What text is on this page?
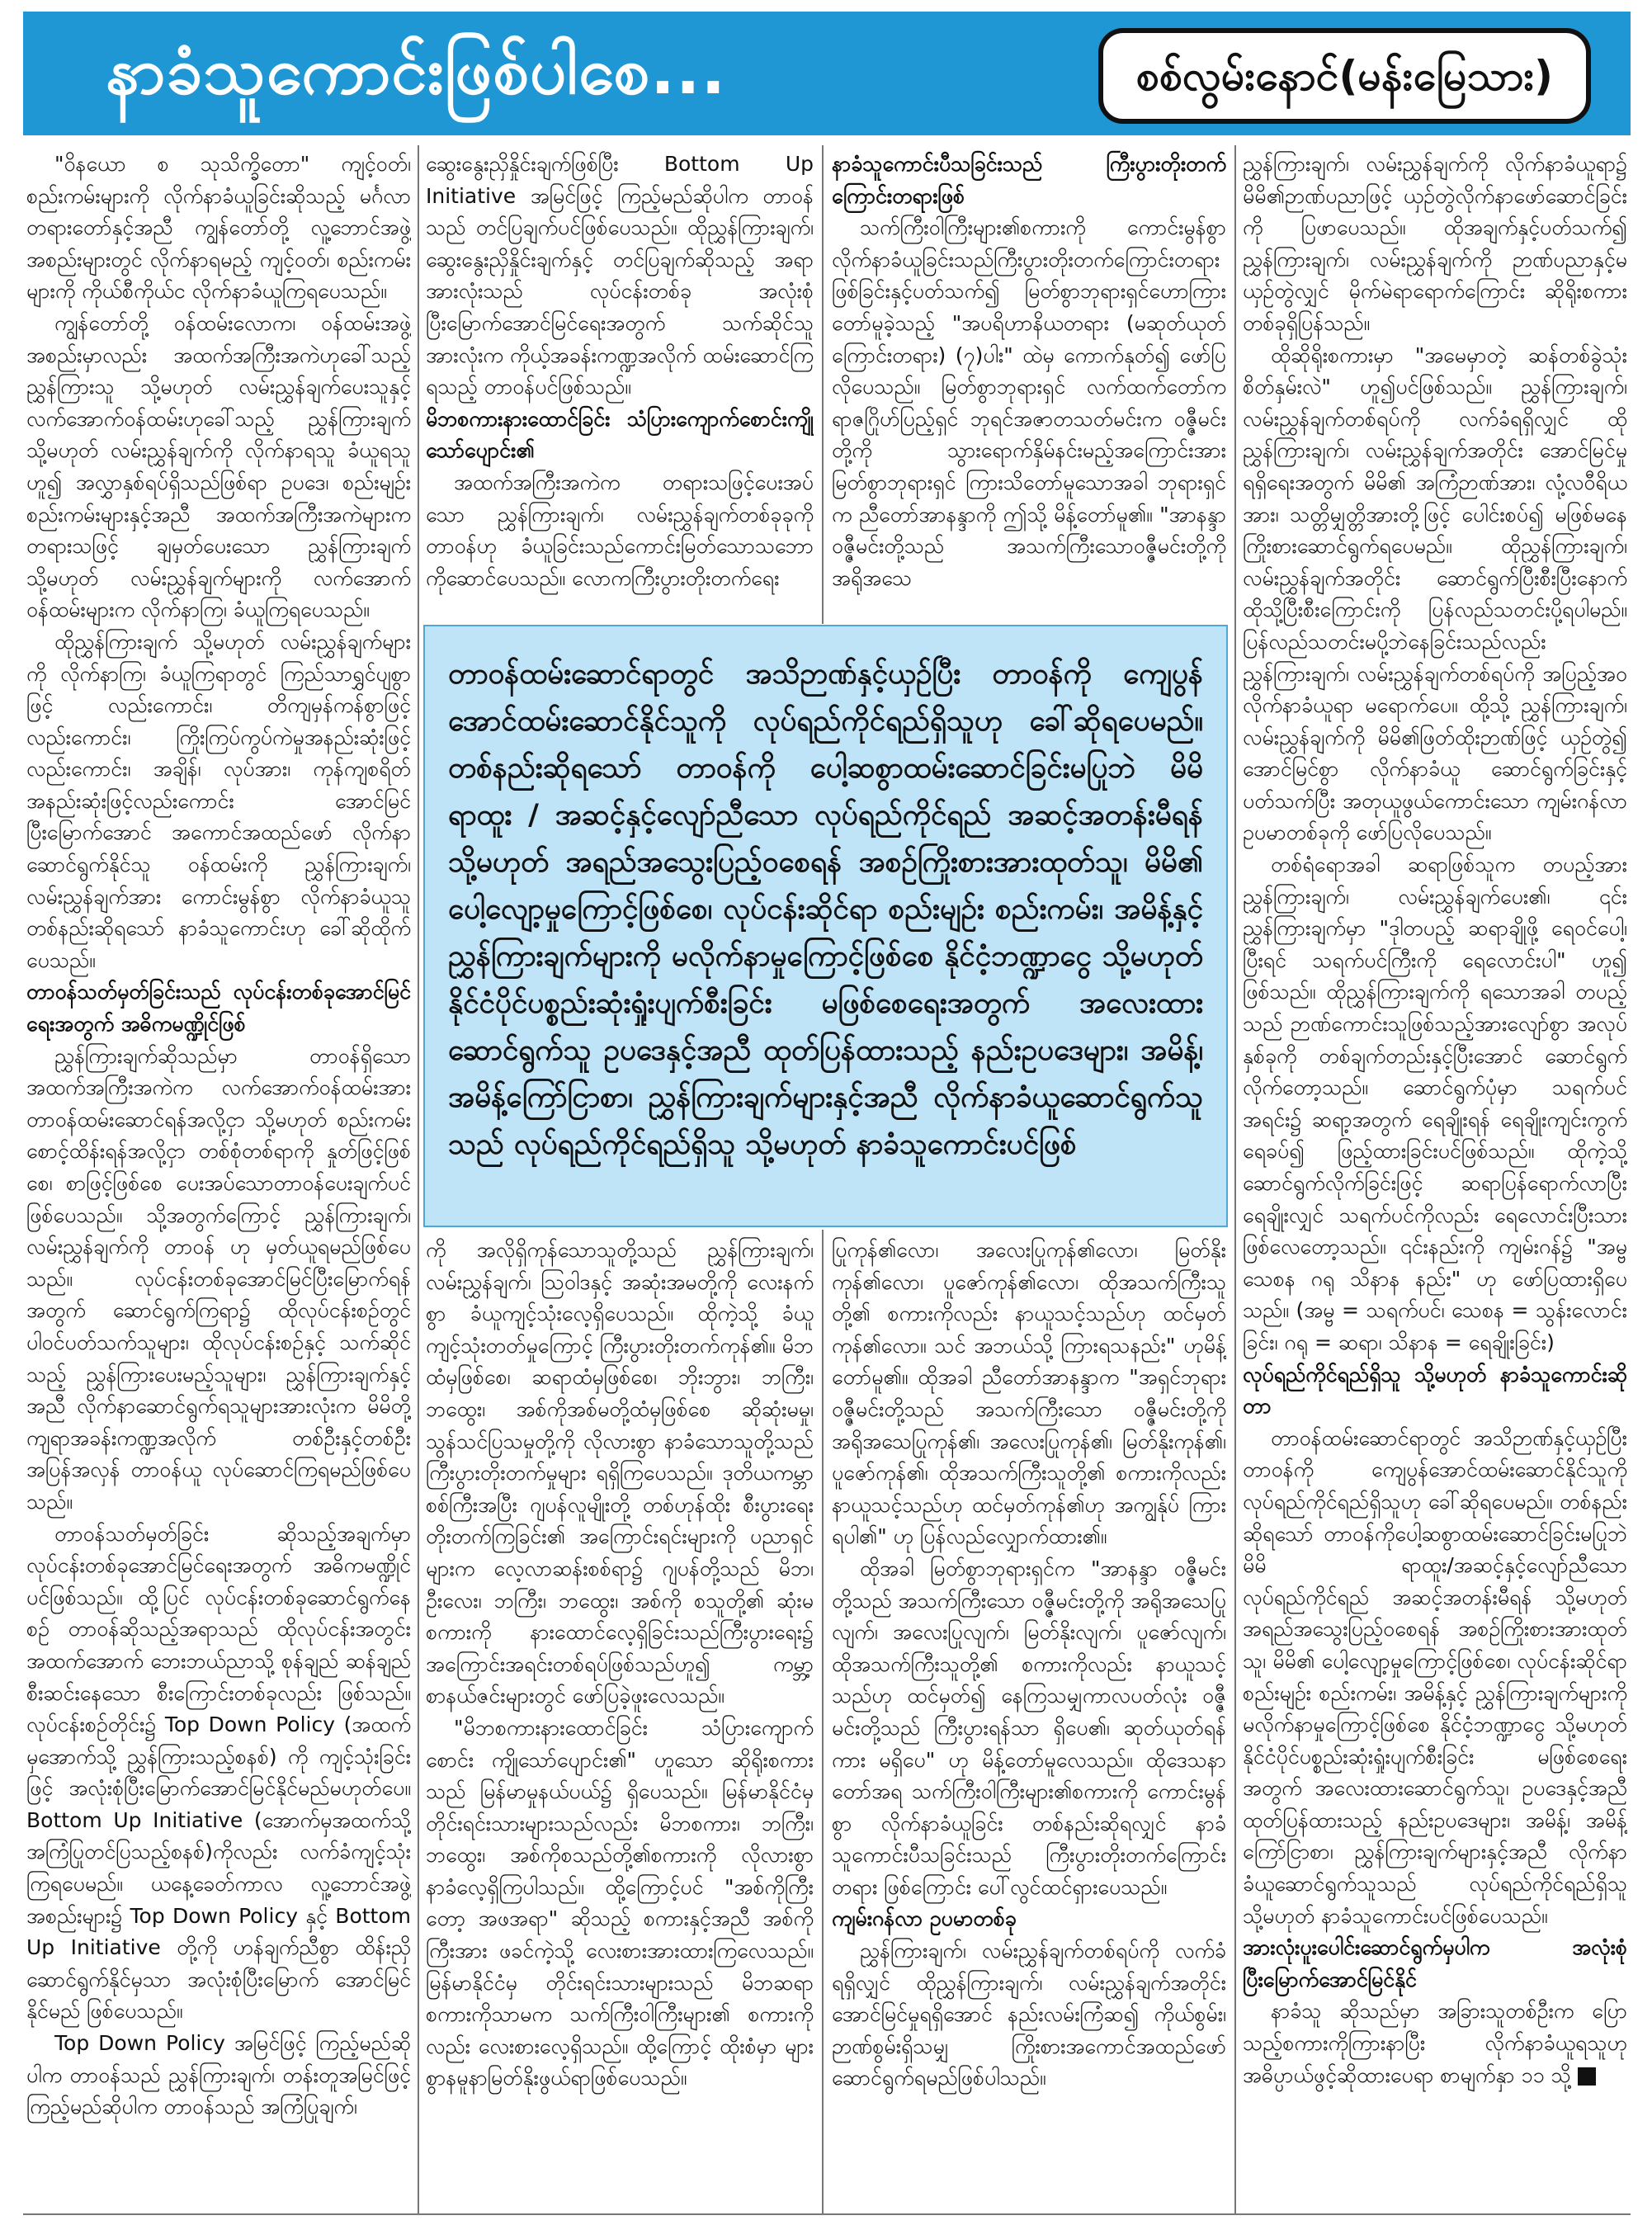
နာခံသူကောင်းဖြစ်ပါစေ...	စစ်လွမ်းနောင်(မန်းမြေသား)

"ဝိနယော စ သုသိက္ခိတော" ကျင့်ဝတ်၊ စည်းကမ်းများကို လိုက်နာခံယူခြင်းဆိုသည့် မင်္ဂလာတရားတော်နှင့်အညီ ကျွန်တော်တို့ လူ့ဘောင်အဖွဲ့အစည်းများတွင် လိုက်နာရမည့် ကျင့်ဝတ်၊ စည်းကမ်းများကို ကိုယ်စီကိုယ်င လိုက်နာခံယူကြရပေသည်။

ကျွန်တော်တို့ ဝန်ထမ်းလောက၊ ဝန်ထမ်းအဖွဲ့အစည်းမှာလည်း အထက်အကြီးအကဲဟုခေါ်သည့် ညွှန်ကြားသူ သို့မဟုတ် လမ်းညွှန်ချက်ပေးသူနှင့် လက်အောက်ဝန်ထမ်းဟုခေါ်သည့် ညွှန်ကြားချက် သို့မဟုတ် လမ်းညွှန်ချက်ကို လိုက်နာရသူ ခံယူရသူဟူ၍ အလွှာနှစ်ရပ်ရှိသည်ဖြစ်ရာ ဥပဒေ၊ စည်းမျဉ်း စည်းကမ်းများနှင့်အညီ အထက်အကြီးအကဲများက တရားသဖြင့် ချမှတ်ပေးသော ညွှန်ကြားချက် သို့မဟုတ် လမ်းညွှန်ချက်များကို လက်အောက်ဝန်ထမ်းများက လိုက်နာကြ၊ ခံယူကြရပေသည်။

ထိုညွှန်ကြားချက် သို့မဟုတ် လမ်းညွှန်ချက်များကို လိုက်နာကြ၊ ခံယူကြရာတွင် ကြည်သာရွှင်ပျစွာဖြင့် လည်းကောင်း၊ တိကျမှန်ကန်စွာဖြင့် လည်းကောင်း၊ ကြိုးကြပ်ကွပ်ကဲမှုအနည်းဆုံးဖြင့် လည်းကောင်း၊ အချိန်၊ လုပ်အား၊ ကုန်ကျစရိတ် အနည်းဆုံးဖြင့်လည်းကောင်း အောင်မြင်ပြီးမြောက်အောင် အကောင်အထည်ဖော် လိုက်နာဆောင်ရွက်နိုင်သူ ဝန်ထမ်းကို ညွှန်ကြားချက်၊ လမ်းညွှန်ချက်အား ကောင်းမွန်စွာ လိုက်နာခံယူသူ တစ်နည်းဆိုရသော် နာခံသူကောင်းဟု ခေါ်ဆိုထိုက်ပေသည်။

တာဝန်သတ်မှတ်ခြင်းသည် လုပ်ငန်းတစ်ခုအောင်မြင်ရေးအတွက် အဓိကမဏ္ဍိုင်ဖြစ်

ညွှန်ကြားချက်ဆိုသည်မှာ တာဝန်ရှိသော အထက်အကြီးအကဲက လက်အောက်ဝန်ထမ်းအား တာဝန်ထမ်းဆောင်ရန်အလို့ငှာ သို့မဟုတ် စည်းကမ်းစောင့်ထိန်းရန်အလို့ငှာ တစ်စုံတစ်ရာကို နှုတ်ဖြင့်ဖြစ်စေ၊ စာဖြင့်ဖြစ်စေ ပေးအပ်သောတာဝန်ပေးချက်ပင်ဖြစ်ပေသည်။ သို့အတွက်ကြောင့် ညွှန်ကြားချက်၊ လမ်းညွှန်ချက်ကို တာဝန် ဟု မှတ်ယူရမည်ဖြစ်ပေသည်။ လုပ်ငန်းတစ်ခုအောင်မြင်ပြီးမြောက်ရန်အတွက် ဆောင်ရွက်ကြရာ၌ ထိုလုပ်ငန်းစဉ်တွင် ပါဝင်ပတ်သက်သူများ၊ ထိုလုပ်ငန်းစဉ်နှင့် သက်ဆိုင်သည့် ညွှန်ကြားပေးမည့်သူများ၊ ညွှန်ကြားချက်နှင့်အညီ လိုက်နာဆောင်ရွက်ရသူများအားလုံးက မိမိတို့ကျရာအခန်းကဏ္ဍအလိုက် တစ်ဦးနှင့်တစ်ဦး အပြန်အလှန် တာဝန်ယူ လုပ်ဆောင်ကြရမည်ဖြစ်ပေသည်။

တာဝန်သတ်မှတ်ခြင်း ဆိုသည့်အချက်မှာ လုပ်ငန်းတစ်ခုအောင်မြင်ရေးအတွက် အဓိကမဏ္ဍိုင်ပင်ဖြစ်သည်။ ထို့ပြင် လုပ်ငန်းတစ်ခုဆောင်ရွက်နေစဉ် တာဝန်ဆိုသည့်အရာသည် ထိုလုပ်ငန်းအတွင်း အထက်အောက် ဘေးဘယ်ညာသို့ စုန်ချည် ဆန်ချည် စီးဆင်းနေသော စီးကြောင်းတစ်ခုလည်း ဖြစ်သည်။ လုပ်ငန်းစဉ်တိုင်း၌ Top Down Policy (အထက်မှအောက်သို့ ညွှန်ကြားသည့်စနစ်) ကို ကျင့်သုံးခြင်းဖြင့် အလုံးစုံပြီးမြောက်အောင်မြင်နိုင်မည်မဟုတ်ပေ။ Bottom Up Initiative (အောက်မှအထက်သို့ အကြံပြုတင်ပြသည့်စနစ်)ကိုလည်း လက်ခံကျင့်သုံးကြရပေမည်။ ယနေ့ခေတ်ကာလ လူ့ဘောင်အဖွဲ့အစည်းများ၌ Top Down Policy နှင့် Bottom Up Initiative တို့ကို ဟန်ချက်ညီစွာ ထိန်းညှိဆောင်ရွက်နိုင်မှသာ အလုံးစုံပြီးမြောက် အောင်မြင်နိုင်မည် ဖြစ်ပေသည်။

Top Down Policy အမြင်ဖြင့် ကြည့်မည်ဆိုပါက တာဝန်သည် ညွှန်ကြားချက်၊ တန်းတူအမြင်ဖြင့် ကြည့်မည်ဆိုပါက တာဝန်သည် အကြံပြုချက်၊

ဆွေးနွေးညှိနှိုင်းချက်ဖြစ်ပြီး Bottom Up Initiative အမြင်ဖြင့် ကြည့်မည်ဆိုပါက တာဝန်သည် တင်ပြချက်ပင်ဖြစ်ပေသည်။ ထိုညွှန်ကြားချက်၊ ဆွေးနွေးညှိနှိုင်းချက်နှင့် တင်ပြချက်ဆိုသည့် အရာအားလုံးသည် လုပ်ငန်းတစ်ခု အလုံးစုံပြီးမြောက်အောင်မြင်ရေးအတွက် သက်ဆိုင်သူအားလုံးက ကိုယ့်အခန်းကဏ္ဍအလိုက် ထမ်းဆောင်ကြရသည့် တာဝန်ပင်ဖြစ်သည်။

မိဘစကားနားထောင်ခြင်း သံပြားကျောက်စောင်းကျိုသော်ပျောင်း၏

အထက်အကြီးအကဲက တရားသဖြင့်ပေးအပ်သော ညွှန်ကြားချက်၊ လမ်းညွှန်ချက်တစ်ခုခုကို တာဝန်ဟု ခံယူခြင်းသည်ကောင်းမြတ်သောသဘောကိုဆောင်ပေသည်။ လောကကြီးပွားတိုးတက်ရေး

နာခံသူကောင်းပီသခြင်းသည် ကြီးပွားတိုးတက်ကြောင်းတရားဖြစ်

သက်ကြီးဝါကြီးများ၏စကားကို ကောင်းမွန်စွာလိုက်နာခံယူခြင်းသည်ကြီးပွားတိုးတက်ကြောင်းတရားဖြစ်ခြင်းနှင့်ပတ်သက်၍ မြတ်စွာဘုရားရှင်ဟောကြားတော်မူခဲ့သည့် "အပရိဟာနိယတရား (မဆုတ်ယုတ်ကြောင်းတရား) (၇)ပါး" ထဲမှ ကောက်နုတ်၍ ဖော်ပြလိုပေသည်။ မြတ်စွာဘုရားရှင် လက်ထက်တော်က ရာဇဂြိုဟ်ပြည့်ရှင် ဘုရင်အဇာတသတ်မင်းက ဝဇ္ဇီမင်းတို့ကို သွားရောက်နှိမ်နင်းမည့်အကြောင်းအား မြတ်စွာဘုရားရှင် ကြားသိတော်မူသောအခါ ဘုရားရှင်က ညီတော်အာနန္ဒာကို ဤသို့ မိန့်တော်မူ၏။ "အာနန္ဒာ ဝဇ္ဇီမင်းတို့သည် အသက်ကြီးသောဝဇ္ဇီမင်းတို့ကို အရိုအသေ

တာဝန်ထမ်းဆောင်ရာတွင် အသိဉာဏ်နှင့်ယှဉ်ပြီး တာဝန်ကို ကျေပွန်အောင်ထမ်းဆောင်နိုင်သူကို လုပ်ရည်ကိုင်ရည်ရှိသူဟု ခေါ်ဆိုရပေမည်။ တစ်နည်းဆိုရသော် တာဝန်ကို ပေါ့ဆစွာထမ်းဆောင်ခြင်းမပြုဘဲ မိမိ ရာထူး / အဆင့်နှင့်လျော်ညီသော လုပ်ရည်ကိုင်ရည် အဆင့်အတန်းမီရန် သို့မဟုတ် အရည်အသွေးပြည့်ဝစေရန် အစဉ်ကြိုးစားအားထုတ်သူ၊ မိမိ၏ ပေါ့လျော့မှုကြောင့်ဖြစ်စေ၊ လုပ်ငန်းဆိုင်ရာ စည်းမျဉ်း စည်းကမ်း၊ အမိန့်နှင့် ညွှန်ကြားချက်များကို မလိုက်နာမှုကြောင့်ဖြစ်စေ နိုင်ငံ့ဘဏ္ဍာငွေ သို့မဟုတ် နိုင်ငံပိုင်ပစ္စည်းဆုံးရှုံးပျက်စီးခြင်း မဖြစ်စေရေးအတွက် အလေးထားဆောင်ရွက်သူ ဥပဒေနှင့်အညီ ထုတ်ပြန်ထားသည့် နည်းဥပဒေများ၊ အမိန့်၊ အမိန့်ကြော်ငြာစာ၊ ညွှန်ကြားချက်များနှင့်အညီ လိုက်နာခံယူဆောင်ရွက်သူသည် လုပ်ရည်ကိုင်ရည်ရှိသူ သို့မဟုတ် နာခံသူကောင်းပင်ဖြစ်

ကို အလိုရှိကုန်သောသူတို့သည် ညွှန်ကြားချက်၊ လမ်းညွှန်ချက်၊ ဩဝါဒနှင့် အဆုံးအမတို့ကို လေးနက်စွာ ခံယူကျင့်သုံးလေ့ရှိပေသည်။ ထိုကဲ့သို့ ခံယူကျင့်သုံးတတ်မှုကြောင့် ကြီးပွားတိုးတက်ကုန်၏။ မိဘထံမှဖြစ်စေ၊ ဆရာထံမှဖြစ်စေ၊ ဘိုးဘွား၊ ဘကြီး၊ ဘထွေး၊ အစ်ကိုအစ်မတို့ထံမှဖြစ်စေ ဆိုဆုံးမမှု၊ သွန်သင်ပြသမှုတို့ကို လိုလားစွာ နာခံသောသူတို့သည်ကြီးပွားတိုးတက်မှုများ ရရှိကြပေသည်။ ဒုတိယကမ္ဘာစစ်ကြီးအပြီး ဂျပန်လူမျိုးတို့ တစ်ဟုန်ထိုး စီးပွားရေးတိုးတက်ကြခြင်း၏ အကြောင်းရင်းများကို ပညာရှင်များက လေ့လာဆန်းစစ်ရာ၌ ဂျပန်တို့သည် မိဘ၊ ဦးလေး၊ ဘကြီး၊ ဘထွေး၊ အစ်ကို စသူတို့၏ ဆုံးမစကားကို နားထောင်လေ့ရှိခြင်းသည်ကြီးပွားရေး၌ အကြောင်းအရင်းတစ်ရပ်ဖြစ်သည်ဟူ၍ ကမ္ဘာ့စာနယ်ဇင်းများတွင် ဖော်ပြခဲ့ဖူးလေသည်။

"မိဘစကားနားထောင်ခြင်း သံပြားကျောက်စောင်း ကျိုသော်ပျောင်း၏" ဟူသော ဆိုရိုးစကားသည် မြန်မာမှုနယ်ပယ်၌ ရှိပေသည်။ မြန်မာနိုင်ငံမှ တိုင်းရင်းသားများသည်လည်း မိဘစကား၊ ဘကြီး၊ ဘထွေး၊ အစ်ကိုစသည်တို့၏စကားကို လိုလားစွာ နာခံလေ့ရှိကြပါသည်။ ထို့ကြောင့်ပင် "အစ်ကိုကြီးတော့ အဖအရာ" ဆိုသည့် စကားနှင့်အညီ အစ်ကိုကြီးအား ဖခင်ကဲ့သို့ လေးစားအားထားကြလေသည်။ မြန်မာနိုင်ငံမှ တိုင်းရင်းသားများသည် မိဘဆရာစကားကိုသာမက သက်ကြီးဝါကြီးများ၏ စကားကိုလည်း လေးစားလေ့ရှိသည်။ ထို့ကြောင့် ထိုးစံမှာ များစွာနမူနာမြတ်နိုးဖွယ်ရာဖြစ်ပေသည်။

ပြုကုန်၏လော၊ အလေးပြုကုန်၏လော၊ မြတ်နိုးကုန်၏လော၊ ပူဇော်ကုန်၏လော၊ ထိုအသက်ကြီးသူတို့၏ စကားကိုလည်း နာယူသင့်သည်ဟု ထင်မှတ်ကုန်၏လော။ သင် အဘယ်သို့ ကြားရသနည်း" ဟုမိန့်တော်မူ၏။ ထိုအခါ ညီတော်အာနန္ဒာက "အရှင်ဘုရား ဝဇ္ဇီမင်းတို့သည် အသက်ကြီးသော ဝဇ္ဇီမင်းတို့ကို အရိုအသေပြုကုန်၏၊ အလေးပြုကုန်၏၊ မြတ်နိုးကုန်၏၊ ပူဇော်ကုန်၏၊ ထိုအသက်ကြီးသူတို့၏ စကားကိုလည်း နာယူသင့်သည်ဟု ထင်မှတ်ကုန်၏ဟု အကျွန်ုပ် ကြားရပါ၏" ဟု ပြန်လည်လျှောက်ထား၏။

ထိုအခါ မြတ်စွာဘုရားရှင်က "အာနန္ဒာ ဝဇ္ဇီမင်းတို့သည် အသက်ကြီးသော ဝဇ္ဇီမင်းတို့ကို အရိုအသေပြုလျက်၊ အလေးပြုလျက်၊ မြတ်နိုးလျက်၊ ပူဇော်လျက်၊ ထိုအသက်ကြီးသူတို့၏ စကားကိုလည်း နာယူသင့်သည်ဟု ထင်မှတ်၍ နေကြသမျှကာလပတ်လုံး ဝဇ္ဇီမင်းတို့သည် ကြီးပွားရန်သာ ရှိပေ၏၊ ဆုတ်ယုတ်ရန်ကား မရှိပေ" ဟု မိန့်တော်မူလေသည်။ ထိုဒေသနာတော်အရ သက်ကြီးဝါကြီးများ၏စကားကို ကောင်းမွန်စွာ လိုက်နာခံယူခြင်း တစ်နည်းဆိုရလျှင် နာခံသူကောင်းပီသခြင်းသည် ကြီးပွားတိုးတက်ကြောင်းတရား ဖြစ်ကြောင်း ပေါ်လွင်ထင်ရှားပေသည်။

ကျမ်းဂန်လာ ဥပမာတစ်ခု

ညွှန်ကြားချက်၊ လမ်းညွှန်ချက်တစ်ရပ်ကို လက်ခံရရှိလျှင် ထိုညွှန်ကြားချက်၊ လမ်းညွှန်ချက်အတိုင်း အောင်မြင်မှုရရှိအောင် နည်းလမ်းကြံဆ၍ ကိုယ်စွမ်း၊ ဉာဏ်စွမ်းရှိသမျှ ကြိုးစားအကောင်အထည်ဖော် ဆောင်ရွက်ရမည်ဖြစ်ပါသည်။

ညွှန်ကြားချက်၊ လမ်းညွှန်ချက်ကို လိုက်နာခံယူရာ၌ မိမိ၏ဉာဏ်ပညာဖြင့် ယှဉ်တွဲလိုက်နာဖော်ဆောင်ခြင်းကို ပြဖာပေသည်။ ထိုအချက်နှင့်ပတ်သက်၍ ညွှန်ကြားချက်၊ လမ်းညွှန်ချက်ကို ဉာဏ်ပညာနှင့်မယှဉ်တွဲလျှင် မိုက်မဲရာရောက်ကြောင်း ဆိုရိုးစကားတစ်ခုရှိပြန်သည်။

ထိုဆိုရိုးစကားမှာ "အမေမှာတဲ့ ဆန်တစ်ခွဲသုံးစိတ်နှမ်းလဲ" ဟူ၍ပင်ဖြစ်သည်။ ညွှန်ကြားချက်၊ လမ်းညွှန်ချက်တစ်ရပ်ကို လက်ခံရရှိလျှင် ထိုညွှန်ကြားချက်၊ လမ်းညွှန်ချက်အတိုင်း အောင်မြင်မှုရရှိရေးအတွက် မိမိ၏ အကြံဉာဏ်အား၊ လုံ့လဝီရိယအား၊ သတ္တိမျှတ္တိအားတို့ဖြင့် ပေါင်းစပ်၍ မဖြစ်မနေကြိုးစားဆောင်ရွက်ရပေမည်။ ထိုညွှန်ကြားချက်၊ လမ်းညွှန်ချက်အတိုင်း ဆောင်ရွက်ပြီးစီးပြီးနောက် ထိုသို့ပြီးစီးကြောင်းကို ပြန်လည်သတင်းပို့ရပါမည်။ ပြန်လည်သတင်းမပို့ဘဲနေခြင်းသည်လည်း ညွှန်ကြားချက်၊ လမ်းညွှန်ချက်တစ်ရပ်ကို အပြည့်အဝ လိုက်နာခံယူရာ မရောက်ပေ။ ထို့သို့ ညွှန်ကြားချက်၊ လမ်းညွှန်ချက်ကို မိမိ၏ဖြတ်ထိုးဉာဏ်ဖြင့် ယှဉ်တွဲ၍ အောင်မြင်စွာ လိုက်နာခံယူ ဆောင်ရွက်ခြင်းနှင့် ပတ်သက်ပြီး အတုယူဖွယ်ကောင်းသော ကျမ်းဂန်လာ ဥပမာတစ်ခုကို ဖော်ပြလိုပေသည်။

တစ်ရံရောအခါ ဆရာဖြစ်သူက တပည့်အား ညွှန်ကြားချက်၊ လမ်းညွှန်ချက်ပေး၏၊ ၎င်းညွှန်ကြားချက်မှာ "ဒုါတပည့် ဆရာချိုဖို့ ရေဝင်ပေါ့၊ ပြီးရင် သရက်ပင်ကြီးကို ရေလောင်းပါ" ဟူ၍ ဖြစ်သည်။ ထိုညွှန်ကြားချက်ကို ရသောအခါ တပည့်သည် ဉာဏ်ကောင်းသူဖြစ်သည့်အားလျော်စွာ အလုပ်နှစ်ခုကို တစ်ချက်တည်းနှင့်ပြီးအောင် ဆောင်ရွက်လိုက်တော့သည်။ ဆောင်ရွက်ပုံမှာ သရက်ပင်အရင်း၌ ဆရာ့အတွက် ရေချိုးရန် ရေချိုးကျင်းကွက် ရေခပ်၍ ဖြည့်ထားခြင်းပင်ဖြစ်သည်။ ထိုကဲ့သို့ ဆောင်ရွက်လိုက်ခြင်းဖြင့် ဆရာပြန်ရောက်လာပြီးရေချိုးလျှင် သရက်ပင်ကိုလည်း ရေလောင်းပြီးသားဖြစ်လေတော့သည်။ ၎င်းနည်းကို ကျမ်းဂန်၌ "အမ္ဗ သေစန ဂရု သိနာန နည်း" ဟု ဖော်ပြထားရှိပေသည်။ (အမ္ဗ = သရက်ပင်၊ သေစန = သွန်းလောင်းခြင်း၊ ဂရု = ဆရာ၊ သိနာန = ရေချိုးခြင်း)

လုပ်ရည်ကိုင်ရည်ရှိသူ သို့မဟုတ် နာခံသူကောင်းဆိုတာ

တာဝန်ထမ်းဆောင်ရာတွင် အသိဉာဏ်နှင့်ယှဉ်ပြီး တာဝန်ကို ကျေပွန်အောင်ထမ်းဆောင်နိုင်သူကို လုပ်ရည်ကိုင်ရည်ရှိသူဟု ခေါ်ဆိုရပေမည်။ တစ်နည်းဆိုရသော် တာဝန်ကိုပေါ့ဆစွာထမ်းဆောင်ခြင်းမပြုဘဲ မိမိ ရာထူး/အဆင့်နှင့်လျော်ညီသော လုပ်ရည်ကိုင်ရည် အဆင့်အတန်းမီရန် သို့မဟုတ် အရည်အသွေးပြည့်ဝစေရန် အစဉ်ကြိုးစားအားထုတ်သူ၊ မိမိ၏ ပေါ့လျော့မှုကြောင့်ဖြစ်စေ၊ လုပ်ငန်းဆိုင်ရာ စည်းမျဉ်း စည်းကမ်း၊ အမိန့်နှင့် ညွှန်ကြားချက်များကို မလိုက်နာမှုကြောင့်ဖြစ်စေ နိုင်ငံ့ဘဏ္ဍာငွေ သို့မဟုတ် နိုင်ငံပိုင်ပစ္စည်းဆုံးရှုံးပျက်စီးခြင်း မဖြစ်စေရေးအတွက် အလေးထားဆောင်ရွက်သူ၊ ဥပဒေနှင့်အညီ ထုတ်ပြန်ထားသည့် နည်းဥပဒေများ၊ အမိန့်၊ အမိန့်ကြော်ငြာစာ၊ ညွှန်ကြားချက်များနှင့်အညီ လိုက်နာခံယူဆောင်ရွက်သူသည် လုပ်ရည်ကိုင်ရည်ရှိသူ သို့မဟုတ် နာခံသူကောင်းပင်ဖြစ်ပေသည်။

အားလုံးပူးပေါင်းဆောင်ရွက်မှပါက အလုံးစုံပြီးမြောက်အောင်မြင်နိုင်

နာခံသူ ဆိုသည်မှာ အခြားသူတစ်ဦးက ပြောသည့်စကားကိုကြားနာပြီး လိုက်နာခံယူရသူဟု အဓိပ္ပာယ်ဖွင့်ဆိုထားပေရာ စာမျက်နှာ ၁၁ သို့
